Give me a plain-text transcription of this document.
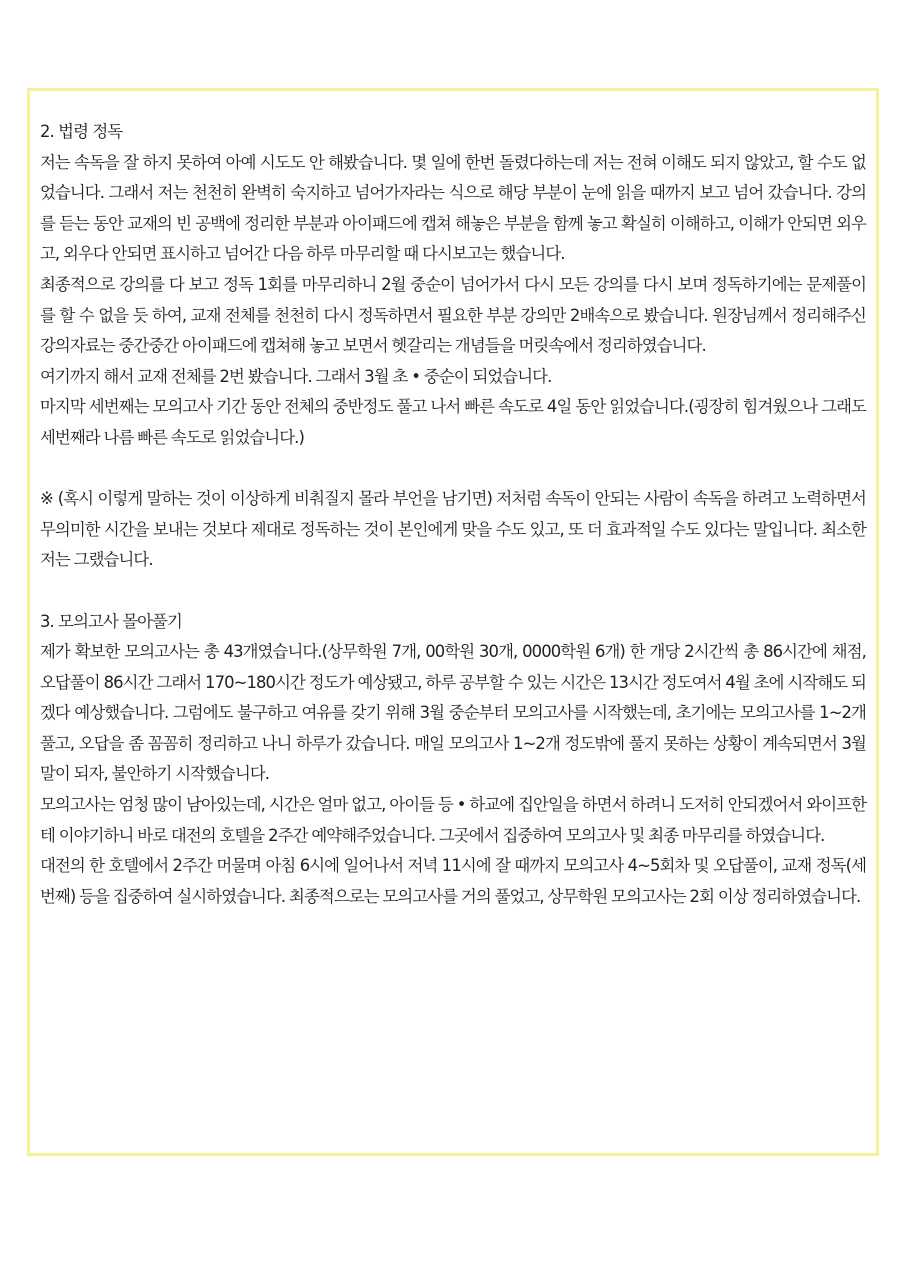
2. 법령 정독

저는 속독을 잘 하지 못하여 아예 시도도 안 해봤습니다. 몇 일에 한번 돌렸다하는데 저는 전혀 이해도 되지 않았고, 할 수도 없었습니다. 그래서 저는 천천히 완벽히 숙지하고 넘어가자라는 식으로 해당 부분이 눈에 읽을 때까지 보고 넘어 갔습니다. 강의를 듣는 동안 교재의 빈 공백에 정리한 부분과 아이패드에 캡쳐 해놓은 부분을 함께 놓고 확실히 이해하고, 이해가 안되면 외우고, 외우다 안되면 표시하고 넘어간 다음 하루 마무리할 때 다시보고는 했습니다.

최종적으로 강의를 다 보고 정독 1회를 마무리하니 2월 중순이 넘어가서 다시 모든 강의를 다시 보며 정독하기에는 문제풀이를 할 수 없을 듯 하여, 교재 전체를 천천히 다시 정독하면서 필요한 부분 강의만 2배속으로 봤습니다. 원장님께서 정리해주신 강의자료는 중간중간 아이패드에 캡쳐해 놓고 보면서 헷갈리는 개념들을 머릿속에서 정리하였습니다.

여기까지 해서 교재 전체를 2번 봤습니다. 그래서 3월 초 • 중순이 되었습니다.

마지막 세번째는 모의고사 기간 동안 전체의 중반정도 풀고 나서 빠른 속도로 4일 동안 읽었습니다.(굉장히 힘겨웠으나 그래도 세번째라 나름 빠른 속도로 읽었습니다.)

※ (혹시 이렇게 말하는 것이 이상하게 비춰질지 몰라 부언을 남기면) 저처럼 속독이 안되는 사람이 속독을 하려고 노력하면서 무의미한 시간을 보내는 것보다 제대로 정독하는 것이 본인에게 맞을 수도 있고, 또 더 효과적일 수도 있다는 말입니다. 최소한 저는 그랬습니다.

3. 모의고사 몰아풀기

제가 확보한 모의고사는 총 43개였습니다.(상무학원 7개, 00학원 30개, 0000학원 6개) 한 개당 2시간씩 총 86시간에 채점, 오답풀이 86시간 그래서 170~180시간 정도가 예상됐고, 하루 공부할 수 있는 시간은 13시간 정도여서 4월 초에 시작해도 되겠다 예상했습니다. 그럼에도 불구하고 여유를 갖기 위해 3월 중순부터 모의고사를 시작했는데, 초기에는 모의고사를 1~2개 풀고, 오답을 좀 꼼꼼히 정리하고 나니 하루가 갔습니다. 매일 모의고사 1~2개 정도밖에 풀지 못하는 상황이 계속되면서 3월 말이 되자, 불안하기 시작했습니다.

모의고사는 엄청 많이 남아있는데, 시간은 얼마 없고, 아이들 등 • 하교에 집안일을 하면서 하려니 도저히 안되겠어서 와이프한테 이야기하니 바로 대전의 호텔을 2주간 예약해주었습니다. 그곳에서 집중하여 모의고사 및 최종 마무리를 하였습니다.

대전의 한 호텔에서 2주간 머물며 아침 6시에 일어나서 저녁 11시에 잘 때까지 모의고사 4~5회차 및 오답풀이, 교재 정독(세번째) 등을 집중하여 실시하였습니다. 최종적으로는 모의고사를 거의 풀었고, 상무학원 모의고사는 2회 이상 정리하였습니다.
